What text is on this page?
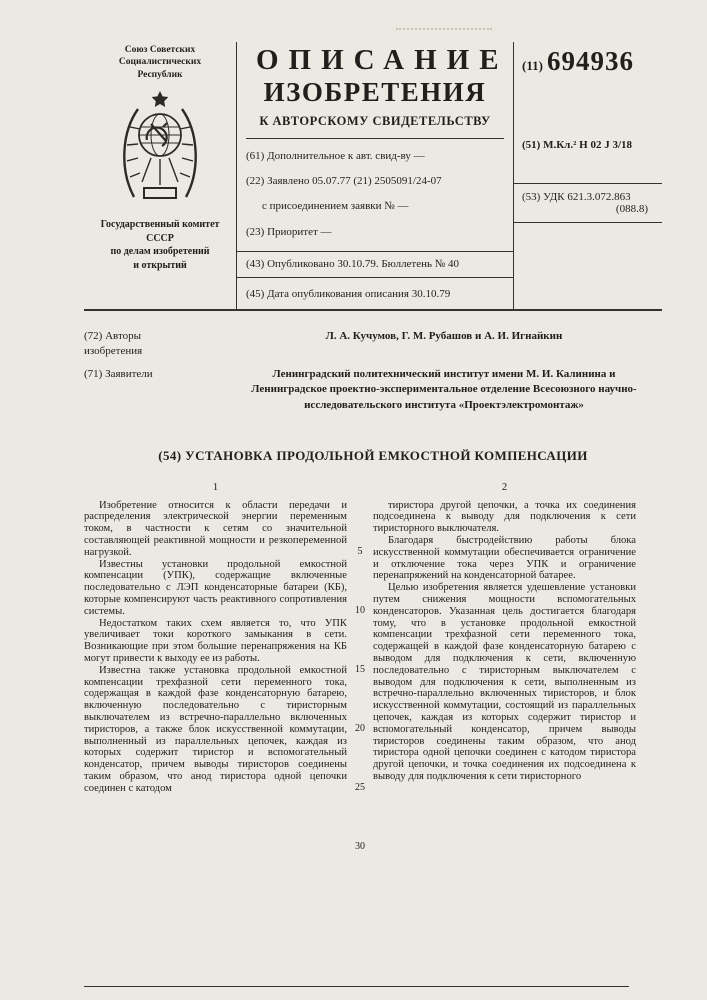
Союз Советских
Социалистических
Республик
Государственный комитет
СССР
по делам изобретений
и открытий
ОПИСАНИЕ
ИЗОБРЕТЕНИЯ
К АВТОРСКОМУ СВИДЕТЕЛЬСТВУ
(61) Дополнительное к авт. свид-ву —
(22) Заявлено 05.07.77 (21) 2505091/24-07
с присоединением заявки № —
(23) Приоритет —
(43) Опубликовано 30.10.79. Бюллетень № 40
(45) Дата опубликования описания 30.10.79
(11) 694936
(51) М.Кл.² Н 02 J 3/18
(53) УДК 621.3.072.863
(088.8)
(72) Авторы
изобретения
Л. А. Кучумов, Г. М. Рубашов и А. И. Игнайкин
(71) Заявители	Ленинградский политехнический институт имени М. И. Калинина и Ленинградское проектно-экспериментальное отделение Всесоюзного научно-исследовательского института «Проектэлектромонтаж»
(54) УСТАНОВКА ПРОДОЛЬНОЙ ЕМКОСТНОЙ КОМПЕНСАЦИИ
1

Изобретение относится к области передачи и распределения электрической энергии переменным током, в частности к сетям со значительной составляющей реактивной мощности и резкопеременной нагрузкой.

Известны установки продольной емкостной компенсации (УПК), содержащие включенные последовательно с ЛЭП конденсаторные батареи (КБ), которые компенсируют часть реактивного сопротивления системы.

Недостатком таких схем является то, что УПК увеличивает токи короткого замыкания в сети. Возникающие при этом большие перенапряжения на КБ могут привести к выходу ее из работы.

Известна также установка продольной емкостной компенсации трехфазной сети переменного тока, содержащая в каждой фазе конденсаторную батарею, включенную последовательно с тиристорным выключателем из встречно-параллельно включенных тиристоров, а также блок искусственной коммутации, выполненный из параллельных цепочек, каждая из которых содержит тиристор и вспомогательный конденсатор, причем выводы тиристоров соединены таким образом, что анод тиристора одной цепочки соединен с катодом

5
10
15
20
25
30
2

тиристора другой цепочки, а точка их соединения подсоединена к выводу для подключения к сети тиристорного выключателя.

Благодаря быстродействию работы блока искусственной коммутации обеспечивается ограничение и отключение тока через УПК и ограничение перенапряжений на конденсаторной батарее.

Целью изобретения является удешевление установки путем снижения мощности вспомогательных конденсаторов. Указанная цель достигается благодаря тому, что в установке продольной емкостной компенсации трехфазной сети переменного тока, содержащей в каждой фазе конденсаторную батарею с выводом для подключения к сети, включенную последовательно с тиристорным выключателем с выводом для подключения к сети, выполненным из встречно-параллельно включенных тиристоров, и блок искусственной коммутации, состоящий из параллельных цепочек, каждая из которых содержит тиристор и вспомогательный конденсатор, причем выводы тиристоров соединены таким образом, что анод тиристора одной цепочки соединен с катодом тиристора другой цепочки, и точка соединения их подсоединена к выводу для подключения к сети тиристорного
